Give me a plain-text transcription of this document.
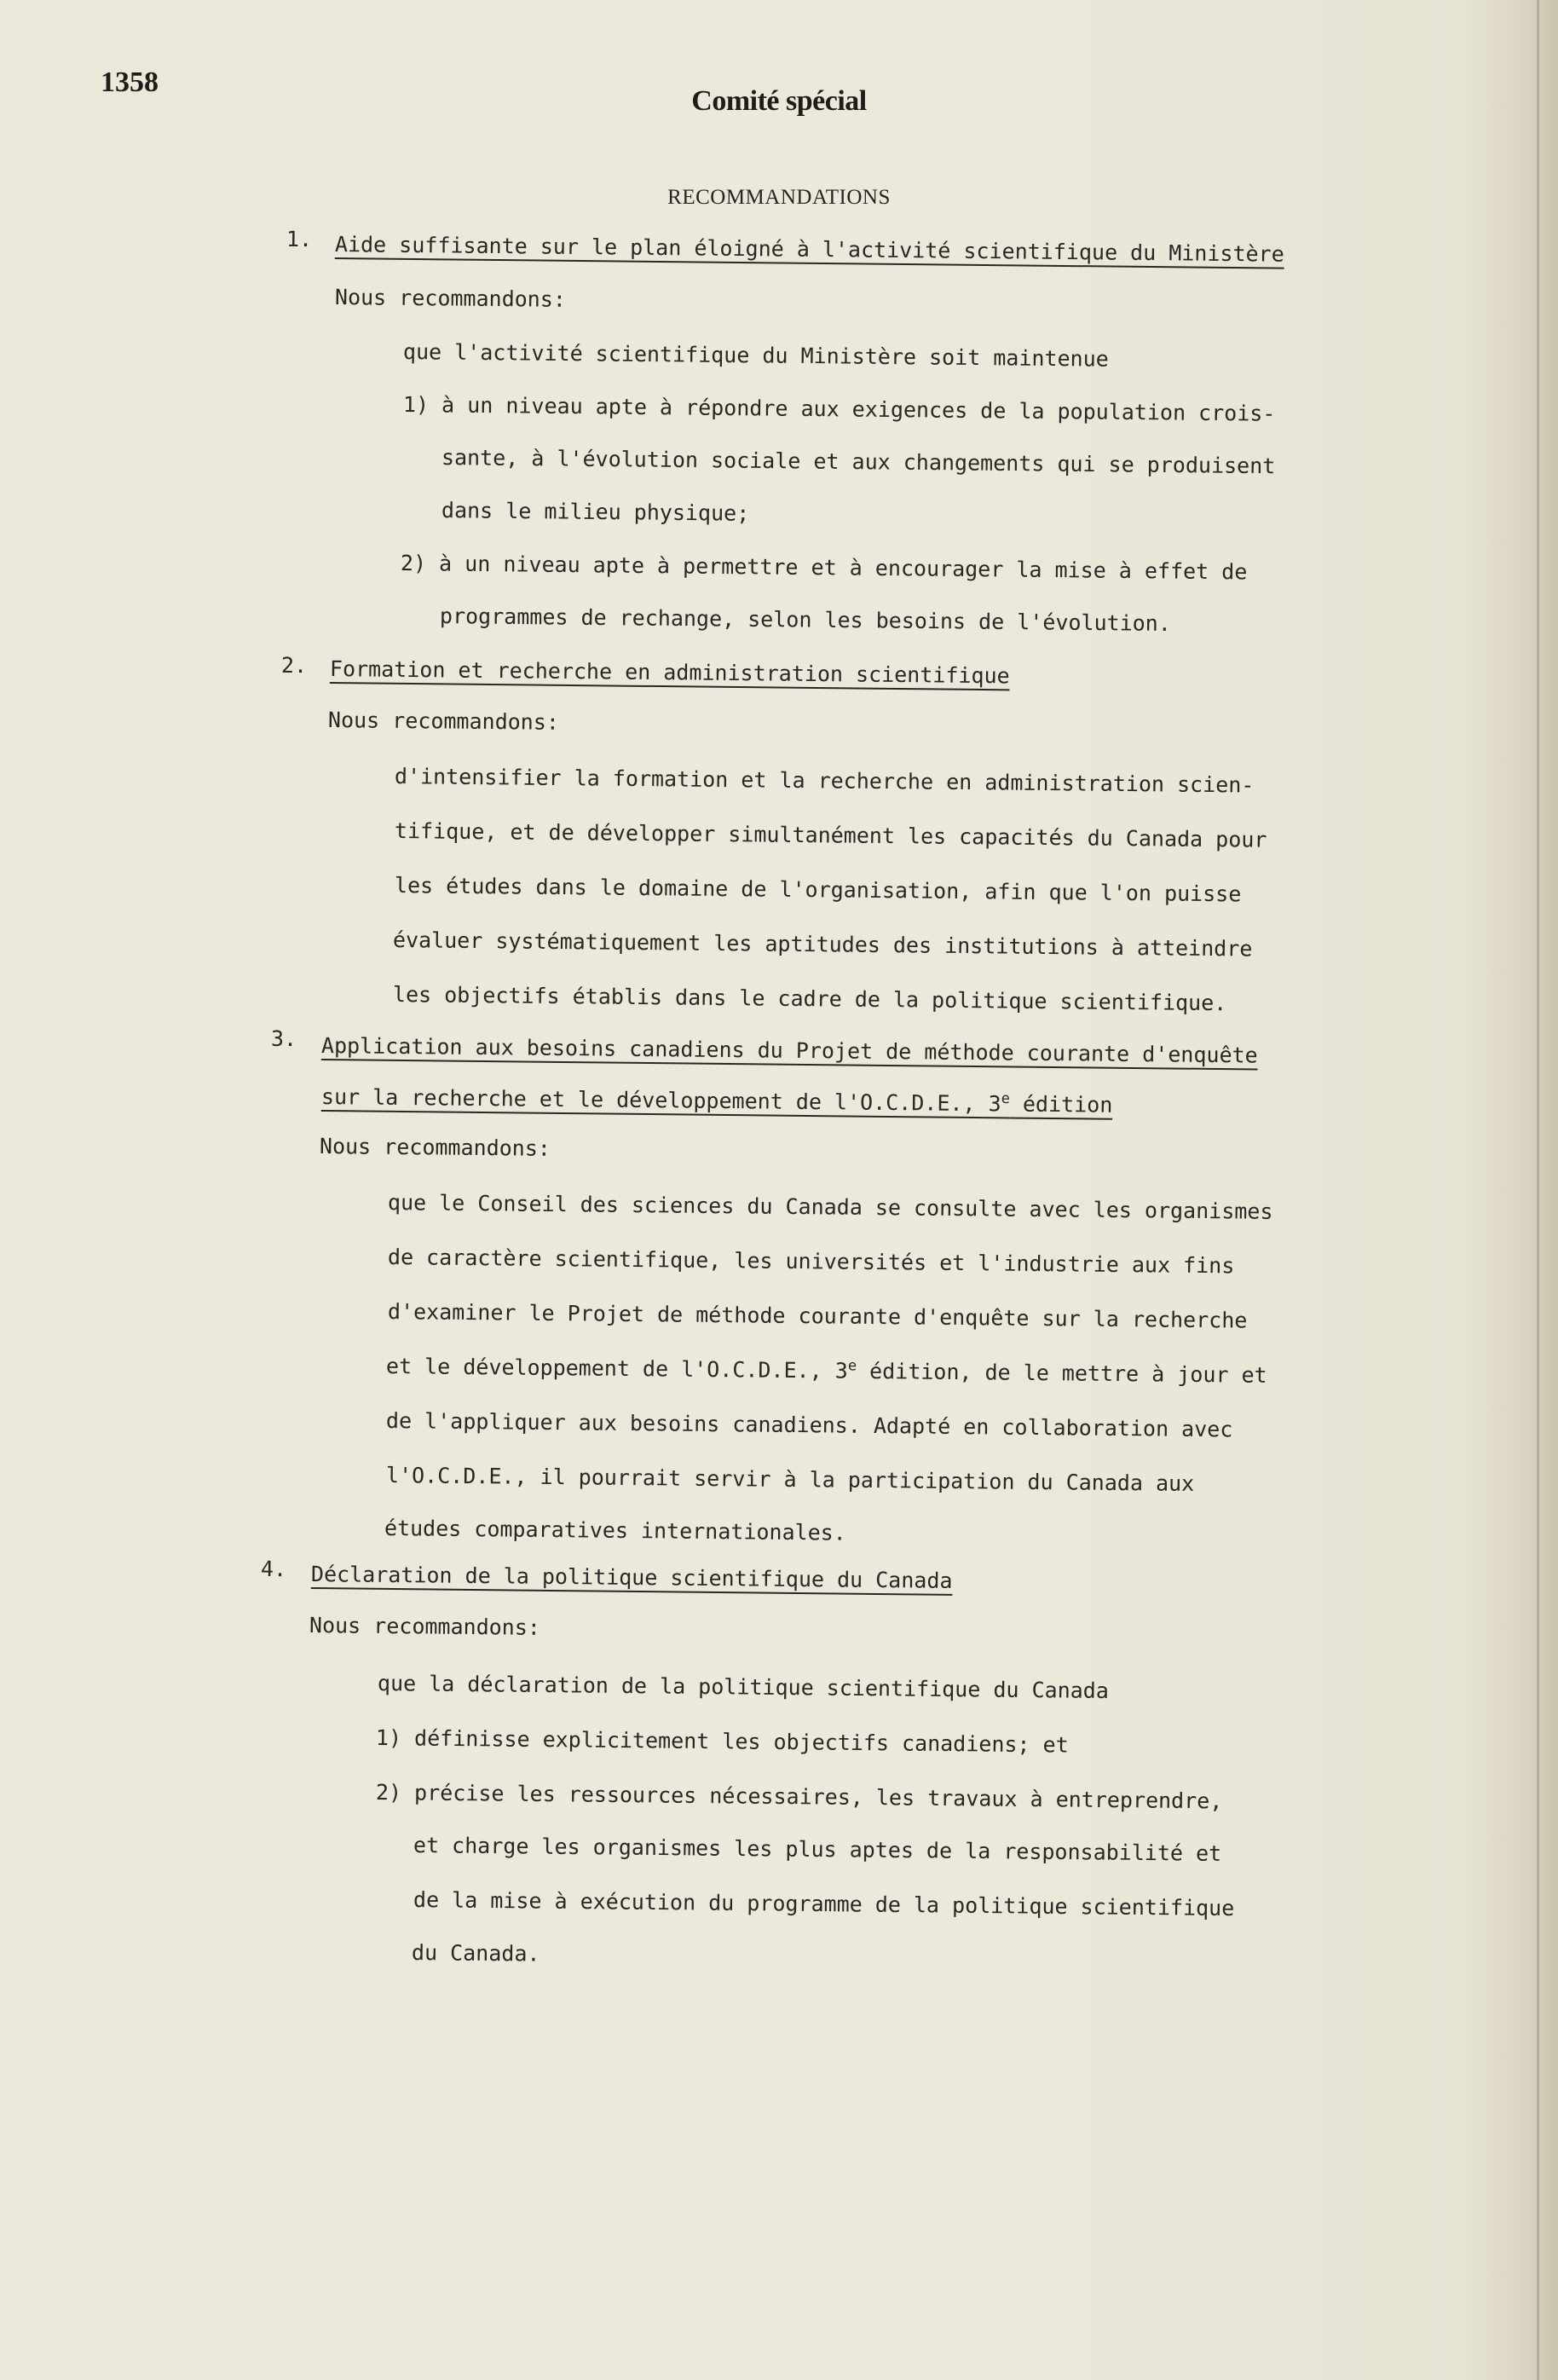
1358
Comité spécial
RECOMMANDATIONS
1. Aide suffisante sur le plan éloigné à l'activité scientifique du Ministère
Nous recommandons:
que l'activité scientifique du Ministère soit maintenue
1) à un niveau apte à répondre aux exigences de la population crois-
sante, à l'évolution sociale et aux changements qui se produisent
dans le milieu physique;
2) à un niveau apte à permettre et à encourager la mise à effet de
programmes de rechange, selon les besoins de l'évolution.
2. Formation et recherche en administration scientifique
Nous recommandons:
d'intensifier la formation et la recherche en administration scien-
tifique, et de développer simultanément les capacités du Canada pour
les études dans le domaine de l'organisation, afin que l'on puisse
évaluer systématiquement les aptitudes des institutions à atteindre
les objectifs établis dans le cadre de la politique scientifique.
3. Application aux besoins canadiens du Projet de méthode courante d'enquête
sur la recherche et le développement de l'O.C.D.E., 3e édition
Nous recommandons:
que le Conseil des sciences du Canada se consulte avec les organismes
de caractère scientifique, les universités et l'industrie aux fins
d'examiner le Projet de méthode courante d'enquête sur la recherche
et le développement de l'O.C.D.E., 3e édition, de le mettre à jour et
de l'appliquer aux besoins canadiens. Adapté en collaboration avec
l'O.C.D.E., il pourrait servir à la participation du Canada aux
études comparatives internationales.
4. Déclaration de la politique scientifique du Canada
Nous recommandons:
que la déclaration de la politique scientifique du Canada
1) définisse explicitement les objectifs canadiens; et
2) précise les ressources nécessaires, les travaux à entreprendre,
et charge les organismes les plus aptes de la responsabilité et
de la mise à exécution du programme de la politique scientifique
du Canada.
